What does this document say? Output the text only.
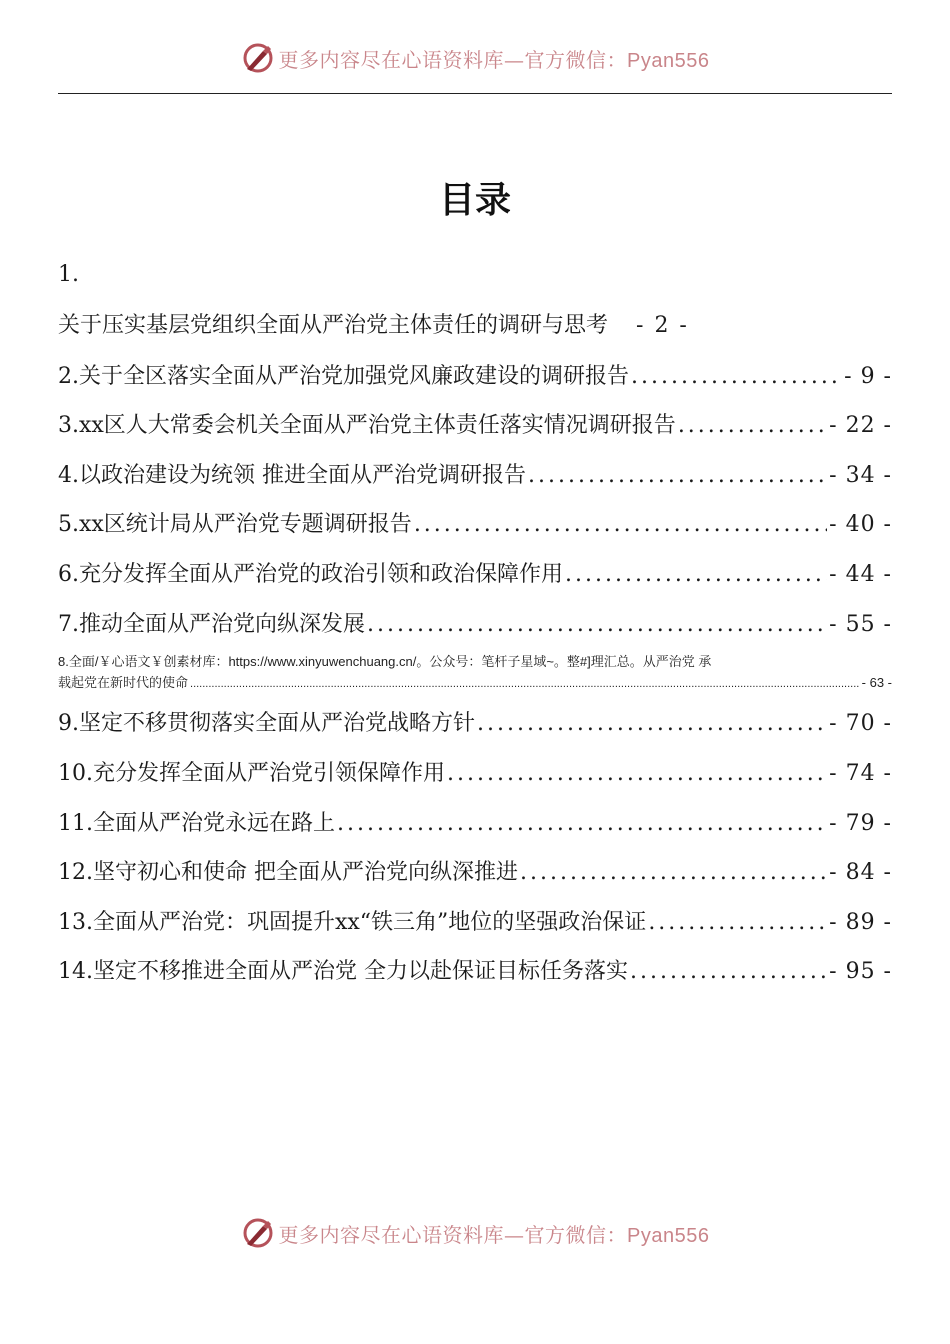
更多内容尽在心语资料库—官方微信：Pyan556
目录
1.
关于压实基层党组织全面从严治党主体责任的调研与思考 - 2 -
2.关于全区落实全面从严治党加强党风廉政建设的调研报告 .....	- 9 -
3.xx区人大常委会机关全面从严治党主体责任落实情况调研报告 .....	- 22 -
4.以政治建设为统领 推进全面从严治党调研报告 .....	- 34 -
5.xx区统计局从严治党专题调研报告 .....	- 40 -
6.充分发挥全面从严治党的政治引领和政治保障作用 .....	- 44 -
7.推动全面从严治党向纵深发展 .....	- 55 -
8.全面/￥心语文￥创素材库：https://www.xinyuwenchuang.cn/。公众号：笔杆子星域~。整#]理汇总。从严治党 承
载起党在新时代的使命 .....	- 63 -
9.坚定不移贯彻落实全面从严治党战略方针 .....	- 70 -
10.充分发挥全面从严治党引领保障作用 .....	- 74 -
11.全面从严治党永远在路上 .....	- 79 -
12.坚守初心和使命 把全面从严治党向纵深推进 .....	- 84 -
13.全面从严治党：巩固提升xx“铁三角”地位的坚强政治保证 .....	- 89 -
14.坚定不移推进全面从严治党 全力以赴保证目标任务落实 .....	- 95 -
更多内容尽在心语资料库—官方微信：Pyan556
